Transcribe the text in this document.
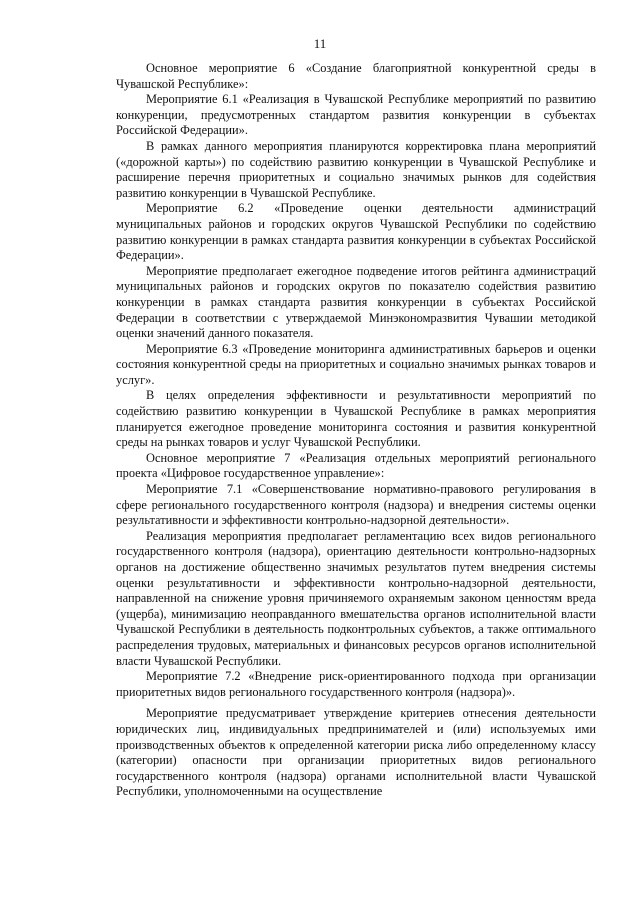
11

Основное мероприятие 6 «Создание благоприятной конкурентной среды в Чувашской Республике»:

Мероприятие 6.1 «Реализация в Чувашской Республике мероприятий по развитию конкуренции, предусмотренных стандартом развития конкуренции в субъектах Российской Федерации».

В рамках данного мероприятия планируются корректировка плана мероприятий («дорожной карты») по содействию развитию конкуренции в Чувашской Республике и расширение перечня приоритетных и социально значимых рынков для содействия развитию конкуренции в Чувашской Республике.

Мероприятие 6.2 «Проведение оценки деятельности администраций муниципальных районов и городских округов Чувашской Республики по содействию развитию конкуренции в рамках стандарта развития конкуренции в субъектах Российской Федерации».

Мероприятие предполагает ежегодное подведение итогов рейтинга администраций муниципальных районов и городских округов по показателю содействия развитию конкуренции в рамках стандарта развития конкуренции в субъектах Российской Федерации в соответствии с утверждаемой Минэкономразвития Чувашии методикой оценки значений данного показателя.

Мероприятие 6.3 «Проведение мониторинга административных барьеров и оценки состояния конкурентной среды на приоритетных и социально значимых рынках товаров и услуг».

В целях определения эффективности и результативности мероприятий по содействию развитию конкуренции в Чувашской Республике в рамках мероприятия планируется ежегодное проведение мониторинга состояния и развития конкурентной среды на рынках товаров и услуг Чувашской Республики.

Основное мероприятие 7 «Реализация отдельных мероприятий регионального проекта «Цифровое государственное управление»:

Мероприятие 7.1 «Совершенствование нормативно-правового регулирования в сфере регионального государственного контроля (надзора) и внедрения системы оценки результативности и эффективности контрольно-надзорной деятельности».

Реализация мероприятия предполагает регламентацию всех видов регионального государственного контроля (надзора), ориентацию деятельности контрольно-надзорных органов на достижение общественно значимых результатов путем внедрения системы оценки результативности и эффективности контрольно-надзорной деятельности, направленной на снижение уровня причиняемого охраняемым законом ценностям вреда (ущерба), минимизацию неоправданного вмешательства органов исполнительной власти Чувашской Республики в деятельность подконтрольных субъектов, а также оптимального распределения трудовых, материальных и финансовых ресурсов органов исполнительной власти Чувашской Республики.

Мероприятие 7.2 «Внедрение риск-ориентированного подхода при организации приоритетных видов регионального государственного контроля (надзора)».

Мероприятие предусматривает утверждение критериев отнесения деятельности юридических лиц, индивидуальных предпринимателей и (или) используемых ими производственных объектов к определенной категории риска либо определенному классу (категории) опасности при организации приоритетных видов регионального государственного контроля (надзора) органами исполнительной власти Чувашской Республики, уполномоченными на осуществление
